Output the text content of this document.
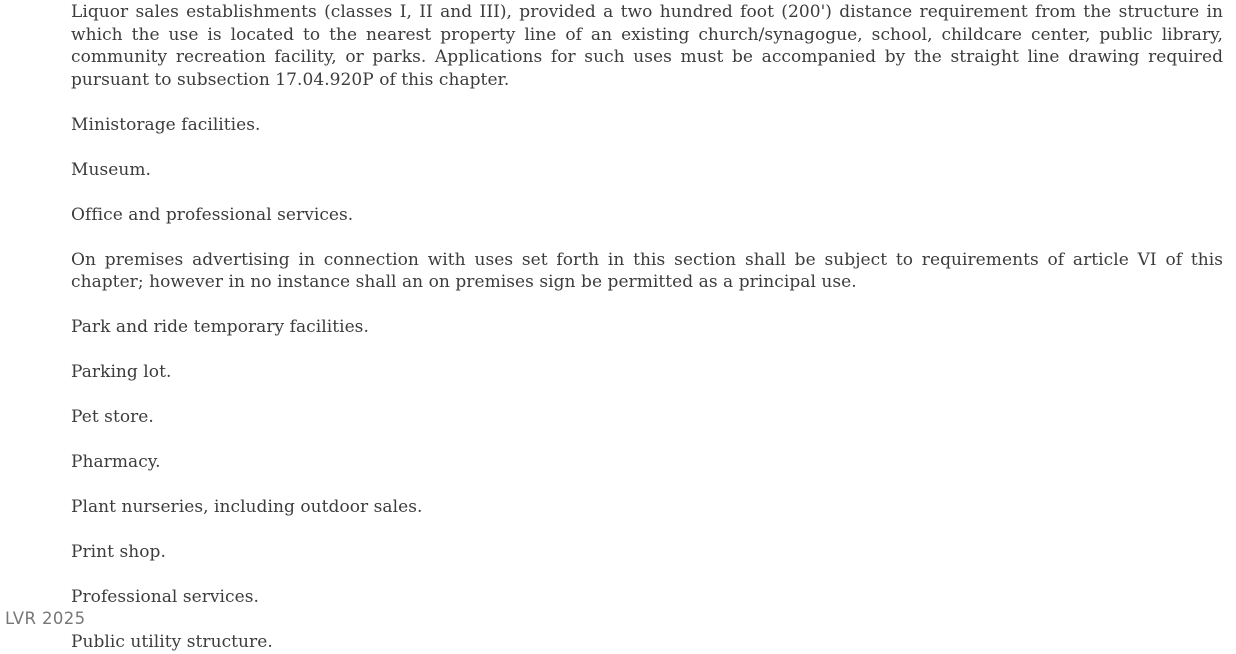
Liquor sales establishments (classes I, II and III), provided a two hundred foot (200') distance requirement from the structure in which the use is located to the nearest property line of an existing church/synagogue, school, childcare center, public library, community recreation facility, or parks. Applications for such uses must be accompanied by the straight line drawing required pursuant to subsection 17.04.920P of this chapter.

Ministorage facilities.

Museum.

Office and professional services.

On premises advertising in connection with uses set forth in this section shall be subject to requirements of article VI of this chapter; however in no instance shall an on premises sign be permitted as a principal use.

Park and ride temporary facilities.

Parking lot.

Pet store.

Pharmacy.

Plant nurseries, including outdoor sales.

Print shop.

Professional services.

Public utility structure.

LVR 2025
